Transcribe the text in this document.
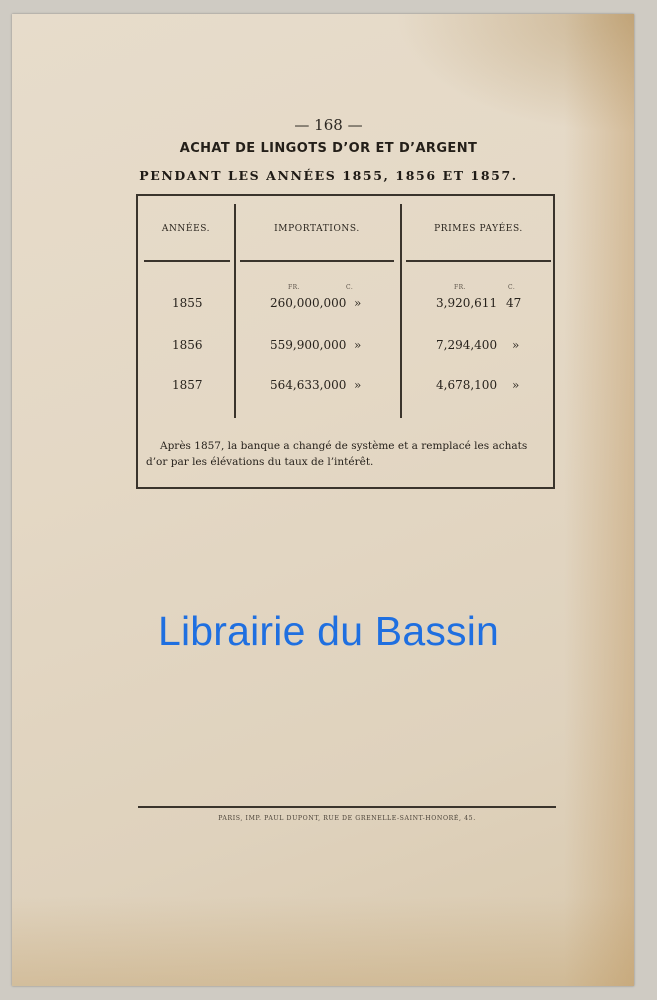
— 168 —
ACHAT DE LINGOTS D’OR ET D’ARGENT
PENDANT LES ANNÉES 1855, 1856 ET 1857.
ANNÉES.	IMPORTATIONS.	PRIMES PAYÉES.
FR.	C.	FR.	C.
1855	260,000,000 »	3,920,611 47
1856	559,900,000 »	7,294,400 »
1857	564,633,000 »	4,678,100 »
Après 1857, la banque a changé de système et a remplacé les achats d’or par les élévations du taux de l’intérêt.
Librairie du Bassin
PARIS, IMP. PAUL DUPONT, RUE DE GRENELLE-SAINT-HONORÉ, 45.
